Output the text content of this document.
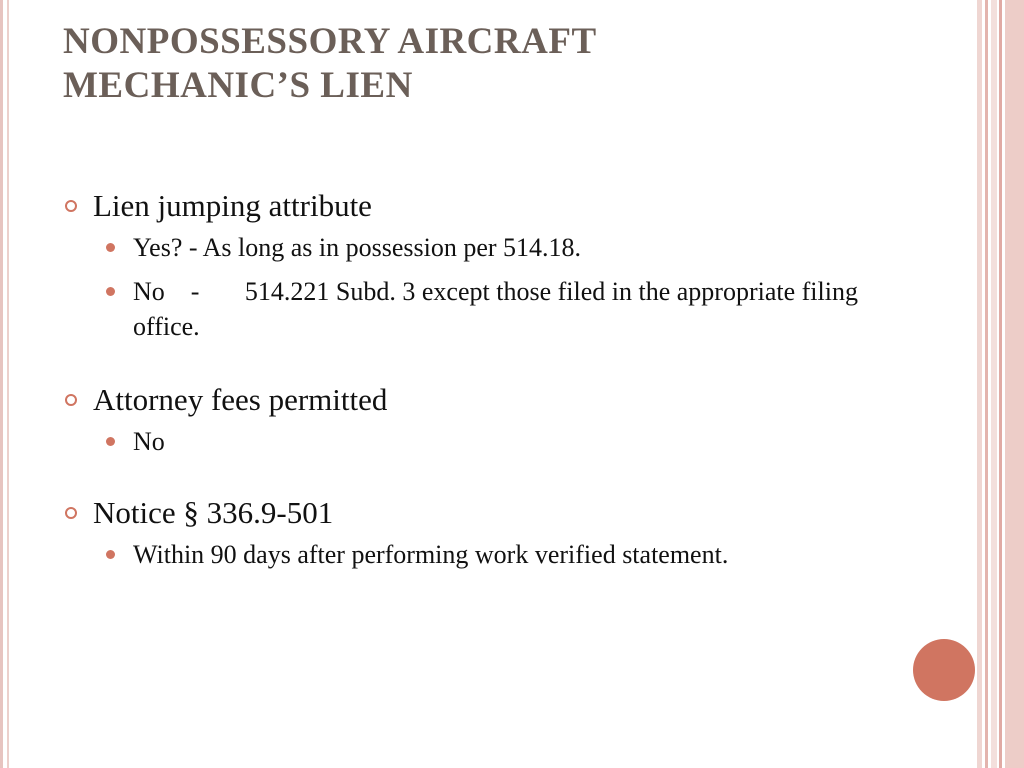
NONPOSSESSORY AIRCRAFT
MECHANIC’S LIEN
Lien jumping attribute
Yes? - As long as in possession per 514.18.
No    -       514.221 Subd. 3 except those filed in the appropriate filing office.
Attorney fees permitted
No
Notice § 336.9-501
Within 90 days after performing work verified statement.
